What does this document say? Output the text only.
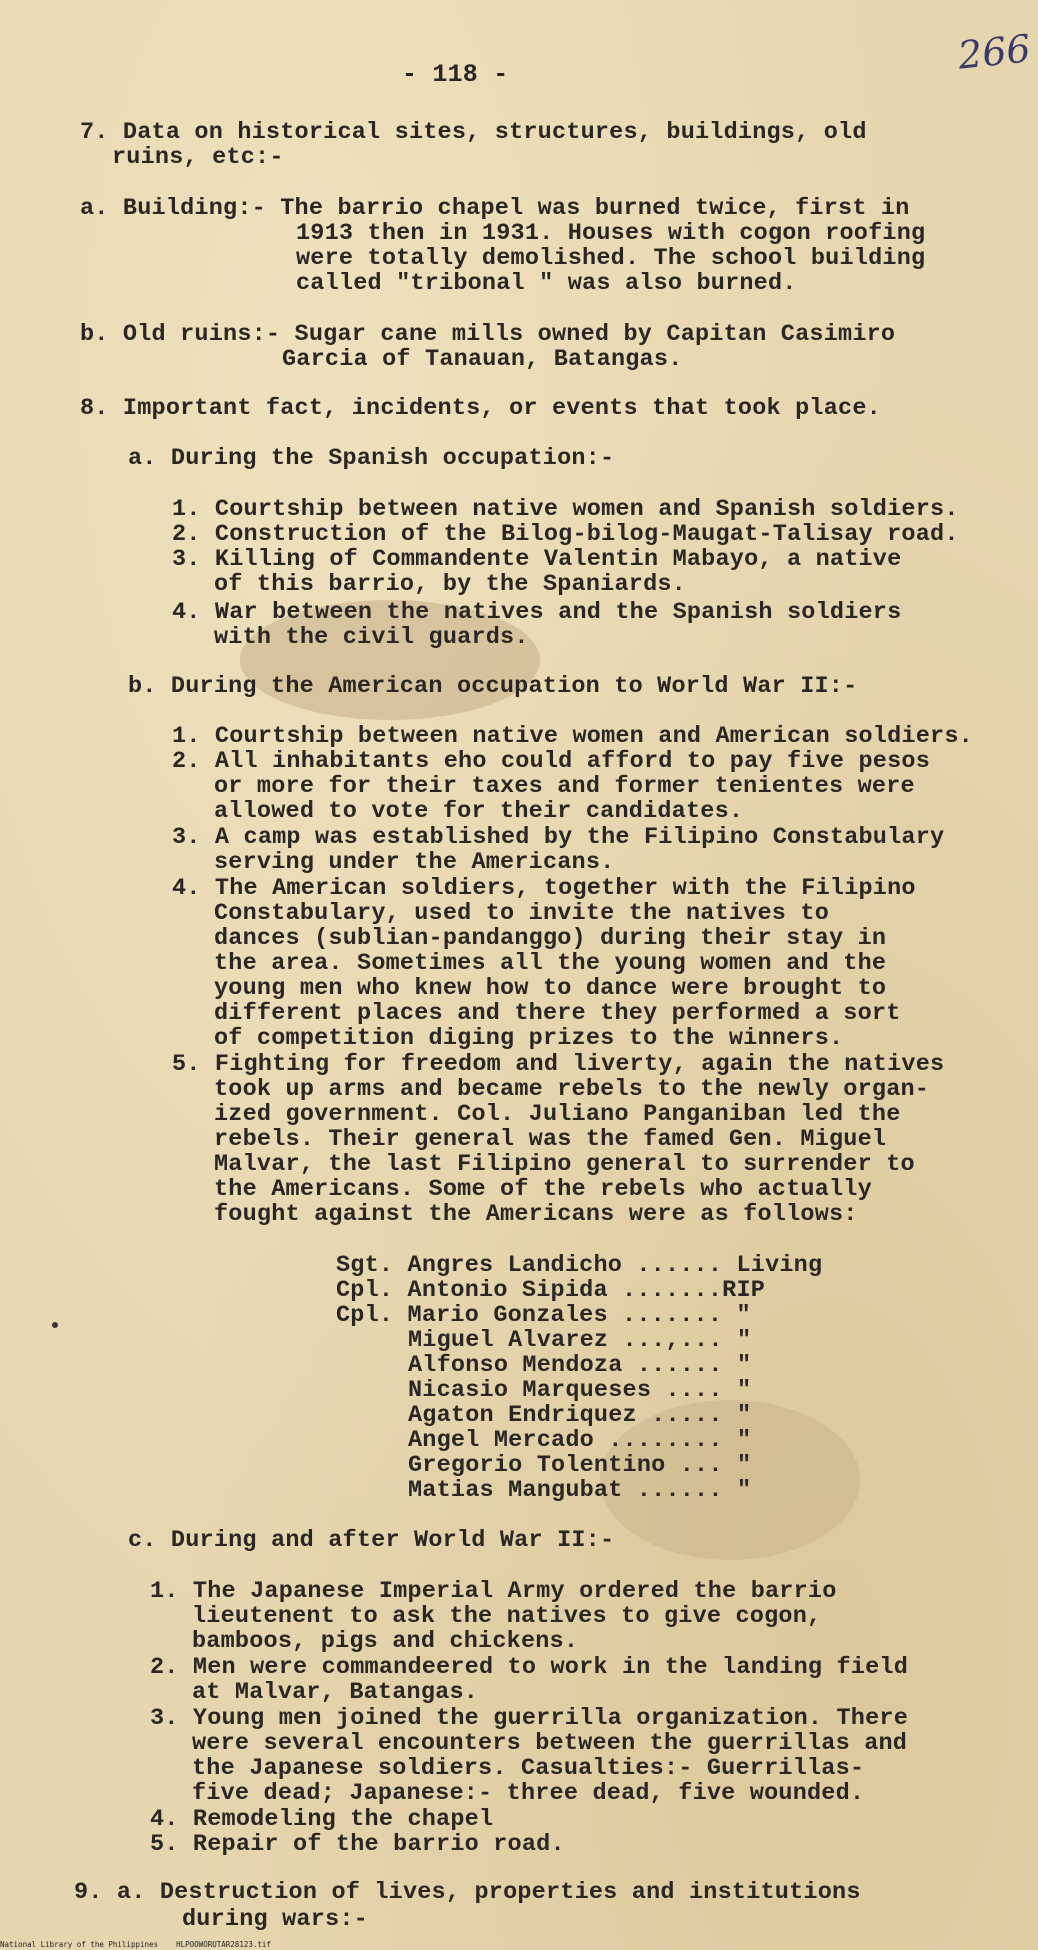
- 118 -	266
7. Data on historical sites, structures, buildings, old
ruins, etc:-
a. Building:- The barrio chapel was burned twice, first in
1913 then in 1931. Houses with cogon roofing
were totally demolished. The school building
called "tribonal " was also burned.
b. Old ruins:- Sugar cane mills owned by Capitan Casimiro
Garcia of Tanauan, Batangas.
8. Important fact, incidents, or events that took place.
a. During the Spanish occupation:-
1. Courtship between native women and Spanish soldiers.
2. Construction of the Bilog-bilog-Maugat-Talisay road.
3. Killing of Commandente Valentin Mabayo, a native
of this barrio, by the Spaniards.
4. War between the natives and the Spanish soldiers
with the civil guards.
b. During the American occupation to World War II:-
1. Courtship between native women and American soldiers.
2. All inhabitants eho could afford to pay five pesos
or more for their taxes and former tenientes were
allowed to vote for their candidates.
3. A camp was established by the Filipino Constabulary
serving under the Americans.
4. The American soldiers, together with the Filipino
Constabulary, used to invite the natives to
dances (sublian-pandanggo) during their stay in
the area. Sometimes all the young women and the
young men who knew how to dance were brought to
different places and there they performed a sort
of competition diging prizes to the winners.
5. Fighting for freedom and liverty, again the natives
took up arms and became rebels to the newly organ-
ized government. Col. Juliano Panganiban led the
rebels. Their general was the famed Gen. Miguel
Malvar, the last Filipino general to surrender to
the Americans. Some of the rebels who actually
fought against the Americans were as follows:
Sgt. Angres Landicho ...... Living
Cpl. Antonio Sipida .......RIP
Cpl. Mario Gonzales ....... "
Miguel Alvarez ...,... "
Alfonso Mendoza ...... "
Nicasio Marqueses .... "
Agaton Endriquez ..... "
Angel Mercado ........ "
Gregorio Tolentino ... "
Matias Mangubat ...... "
c. During and after World War II:-
1. The Japanese Imperial Army ordered the barrio
lieutenent to ask the natives to give cogon,
bamboos, pigs and chickens.
2. Men were commandeered to work in the landing field
at Malvar, Batangas.
3. Young men joined the guerrilla organization. There
were several encounters between the guerrillas and
the Japanese soldiers. Casualties:- Guerrillas-
five dead; Japanese:- three dead, five wounded.
4. Remodeling the chapel
5. Repair of the barrio road.
9. a. Destruction of lives, properties and institutions
during wars:-
National Library of the Philippines    HLPOOWORUTAR28123.tif
